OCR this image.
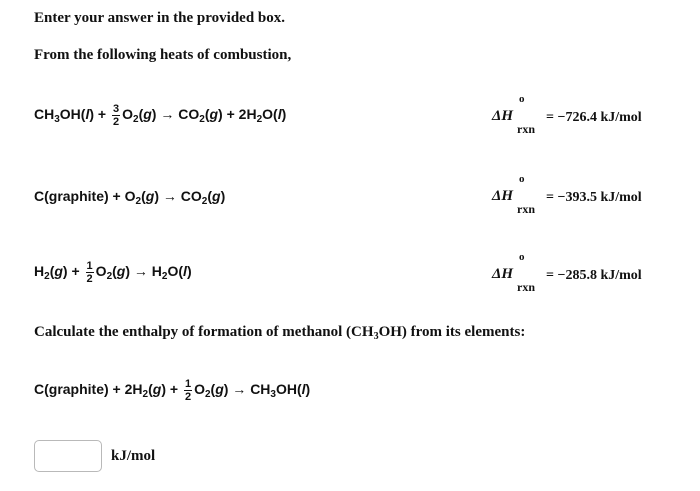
Enter your answer in the provided box.
From the following heats of combustion,
$CH_3OH(l) + \frac{3}{2} O_2(g) \to CO_2(g) + 2H_2O(l)$	ΔH
o
rxn
= −726.4 kJ/mol
C(graphite) + $O_2(g) \to CO_2(g)$	ΔH
o
rxn
= −393.5 kJ/mol
$H_2(g) + \frac{1}{2} O_2(g) \to H_2O(l)$	ΔH
o
rxn
= −285.8 kJ/mol
Calculate the enthalpy of formation of methanol $(CH_3OH)$ from its elements:
C(graphite) + $2H_2(g) + \frac{1}{2} O_2(g) \to CH_3OH(l)$
kJ/mol
